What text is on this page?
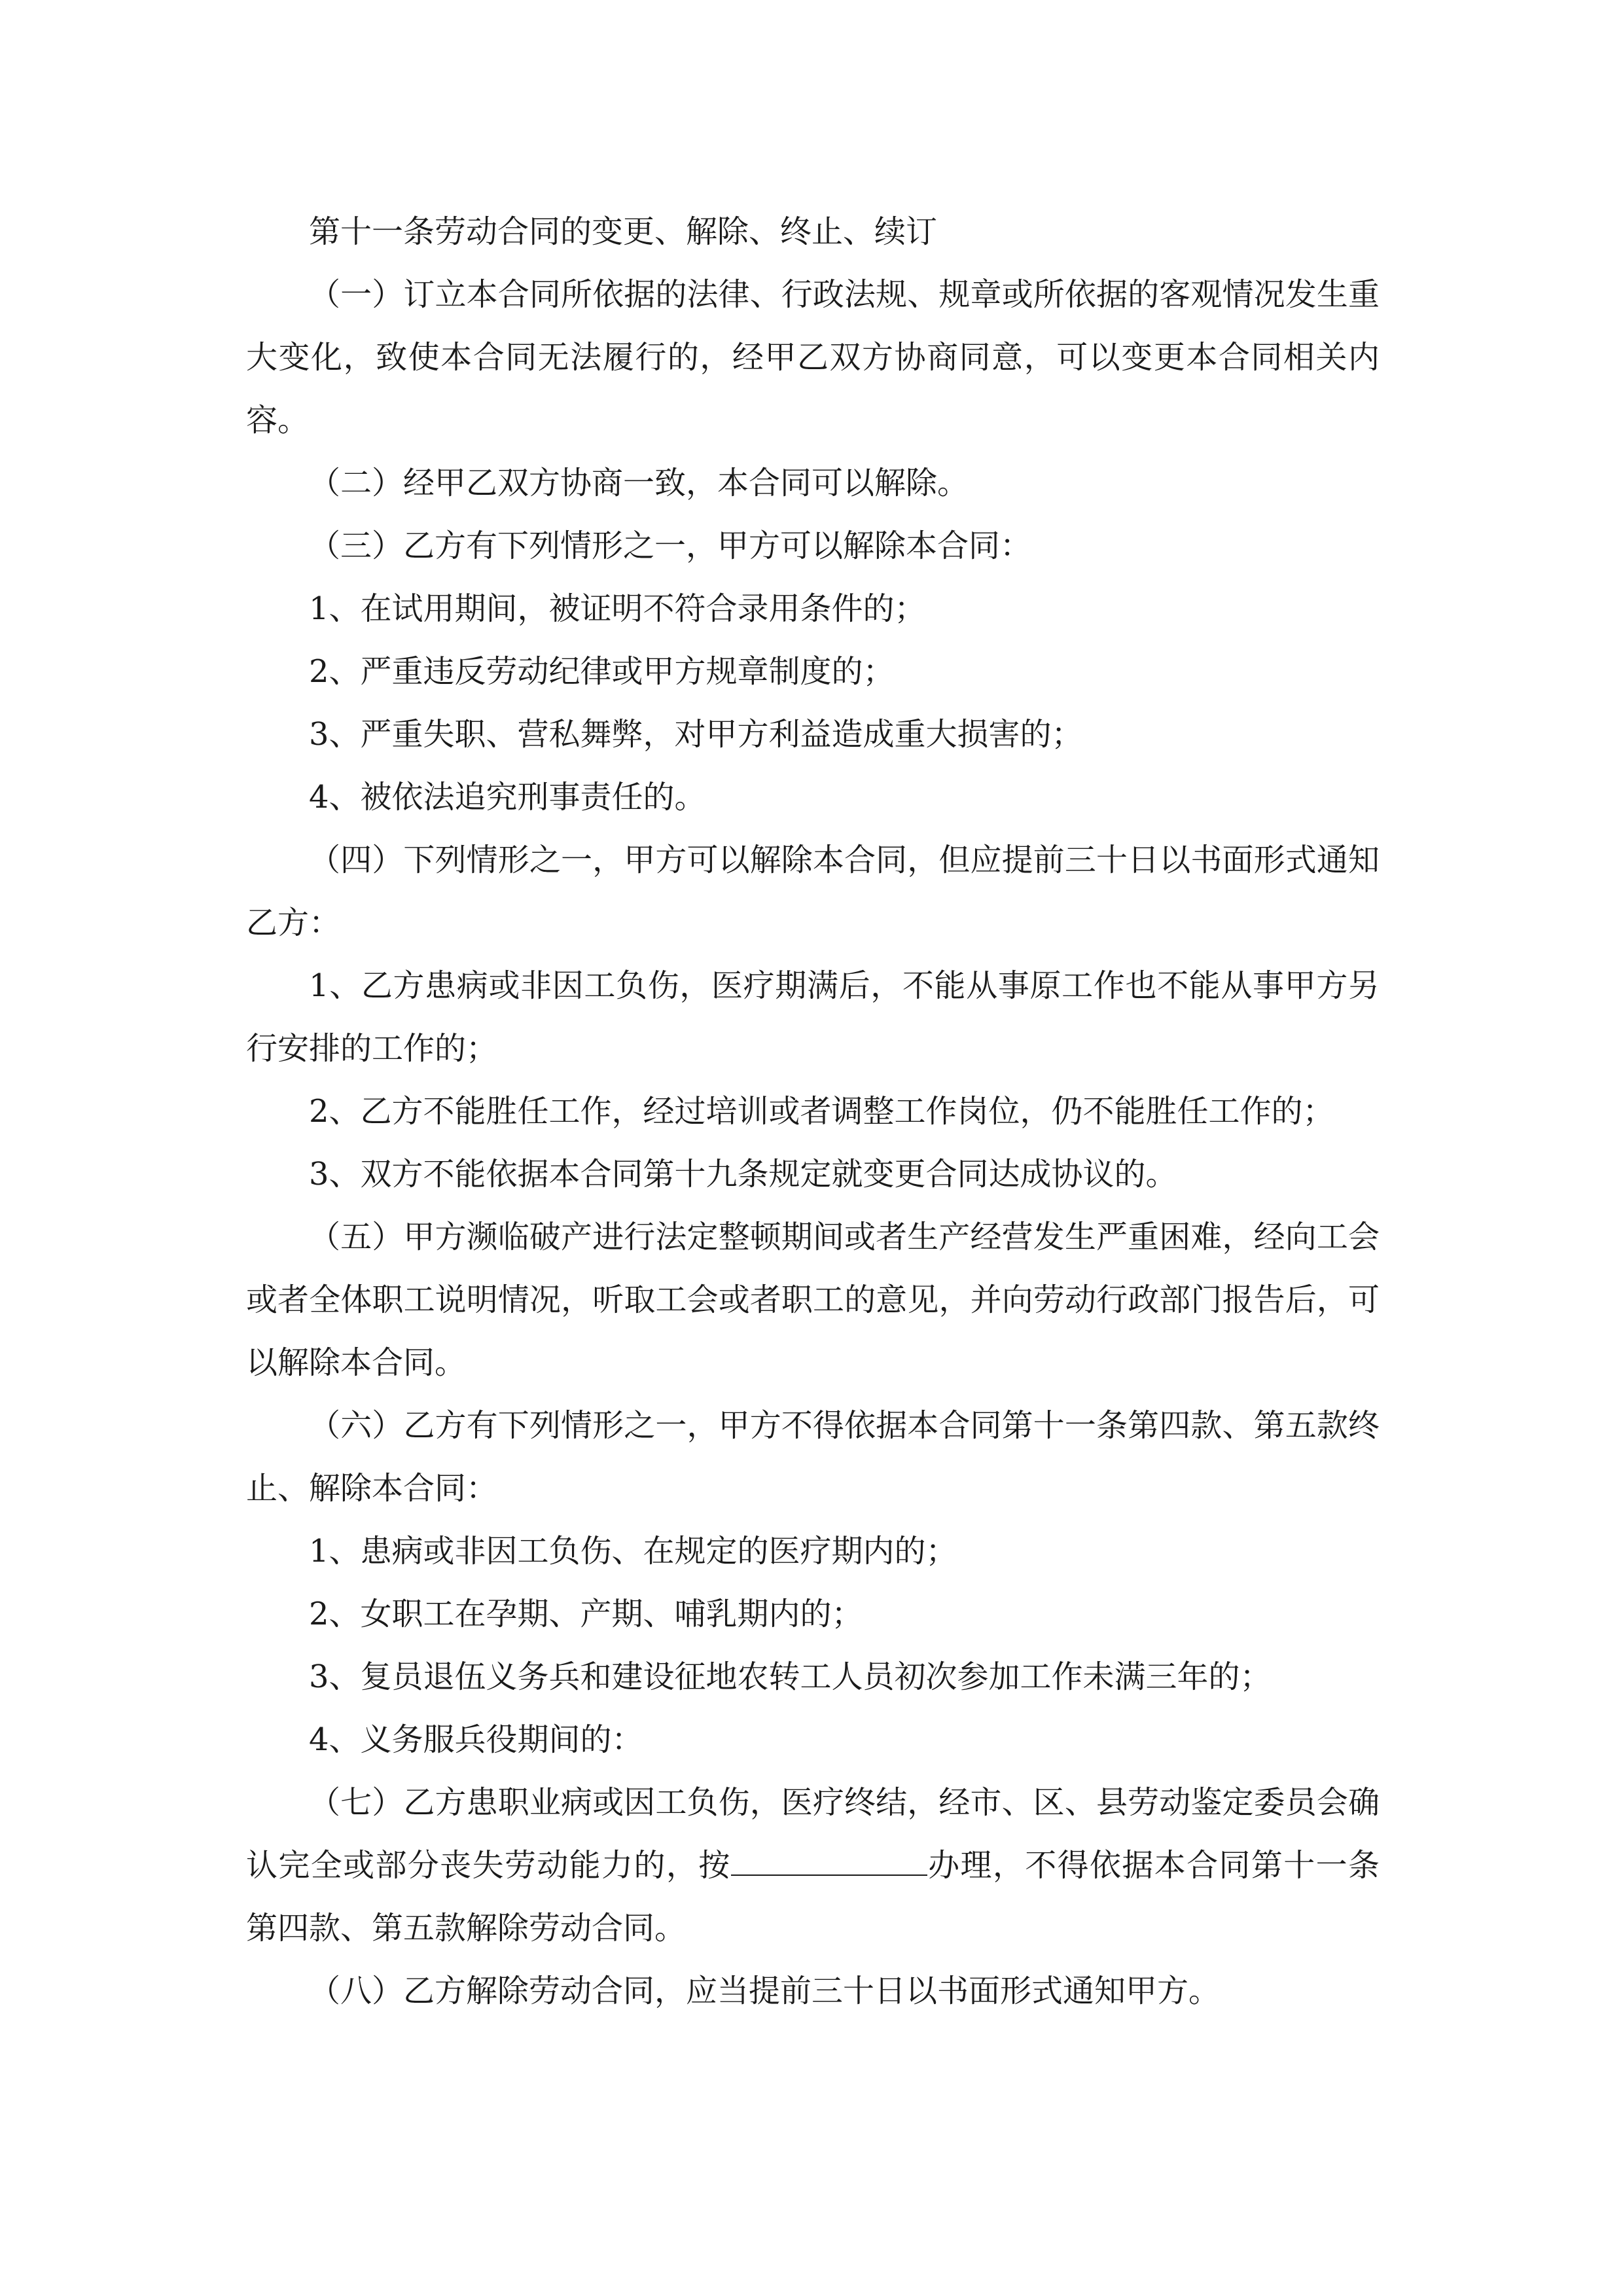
第十一条劳动合同的变更、解除、终止、续订

（一）订立本合同所依据的法律、行政法规、规章或所依据的客观情况发生重大变化，致使本合同无法履行的，经甲乙双方协商同意，可以变更本合同相关内容。

（二）经甲乙双方协商一致，本合同可以解除。

（三）乙方有下列情形之一，甲方可以解除本合同：

1、在试用期间，被证明不符合录用条件的；

2、严重违反劳动纪律或甲方规章制度的；

3、严重失职、营私舞弊，对甲方利益造成重大损害的；

4、被依法追究刑事责任的。

（四）下列情形之一，甲方可以解除本合同，但应提前三十日以书面形式通知乙方：

1、乙方患病或非因工负伤，医疗期满后，不能从事原工作也不能从事甲方另行安排的工作的；

2、乙方不能胜任工作，经过培训或者调整工作岗位，仍不能胜任工作的；

3、双方不能依据本合同第十九条规定就变更合同达成协议的。

（五）甲方濒临破产进行法定整顿期间或者生产经营发生严重困难，经向工会或者全体职工说明情况，听取工会或者职工的意见，并向劳动行政部门报告后，可以解除本合同。

（六）乙方有下列情形之一，甲方不得依据本合同第十一条第四款、第五款终止、解除本合同：

1、患病或非因工负伤、在规定的医疗期内的；

2、女职工在孕期、产期、哺乳期内的；

3、复员退伍义务兵和建设征地农转工人员初次参加工作未满三年的；

4、义务服兵役期间的：

（七）乙方患职业病或因工负伤，医疗终结，经市、区、县劳动鉴定委员会确认完全或部分丧失劳动能力的，按	办理，不得依据本合同第十一条第四款、第五款解除劳动合同。

（八）乙方解除劳动合同，应当提前三十日以书面形式通知甲方。
